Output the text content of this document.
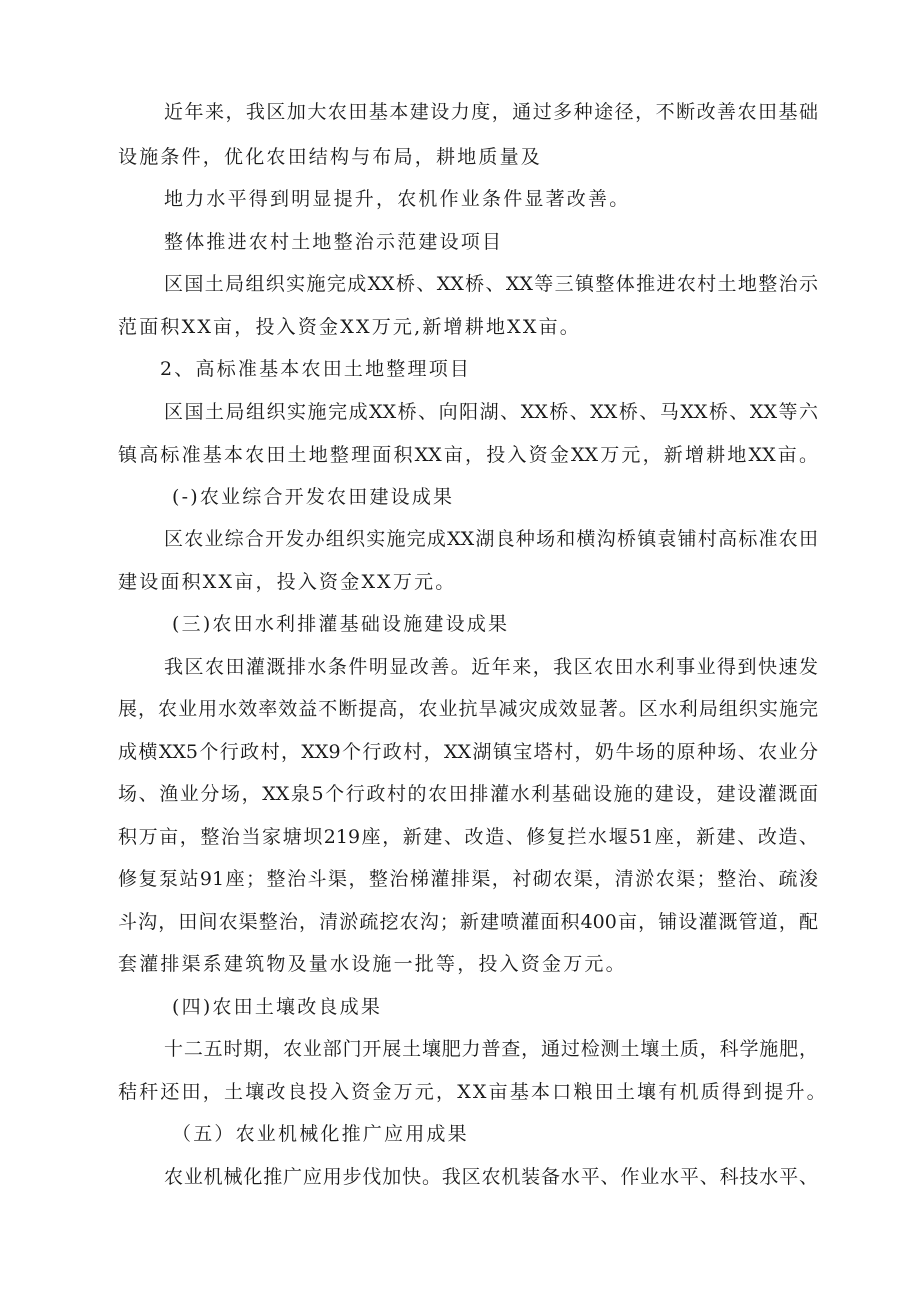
近年来，我区加大农田基本建设力度，通过多种途径，不断改善农田基础
设施条件，优化农田结构与布局，耕地质量及
地力水平得到明显提升，农机作业条件显著改善。
整体推进农村土地整治示范建设项目
区国土局组织实施完成XX桥、XX桥、XX等三镇整体推进农村土地整治示
范面积XX亩，投入资金XX万元,新增耕地XX亩。
2、高标准基本农田土地整理项目
区国土局组织实施完成XX桥、向阳湖、XX桥、XX桥、马XX桥、XX等六
镇高标准基本农田土地整理面积XX亩，投入资金XX万元，新增耕地XX亩。
(-)农业综合开发农田建设成果
区农业综合开发办组织实施完成XX湖良种场和横沟桥镇袁铺村高标准农田
建设面积XX亩，投入资金XX万元。
(三)农田水利排灌基础设施建设成果
我区农田灌溉排水条件明显改善。近年来，我区农田水利事业得到快速发
展，农业用水效率效益不断提高，农业抗旱减灾成效显著。区水利局组织实施完
成横XX5个行政村，XX9个行政村，XX湖镇宝塔村，奶牛场的原种场、农业分
场、渔业分场，XX泉5个行政村的农田排灌水利基础设施的建设，建设灌溉面
积万亩，整治当家塘坝219座，新建、改造、修复拦水堰51座，新建、改造、
修复泵站91座；整治斗渠，整治梯灌排渠，衬砌农渠，清淤农渠；整治、疏浚
斗沟，田间农渠整治，清淤疏挖农沟；新建喷灌面积400亩，铺设灌溉管道，配
套灌排渠系建筑物及量水设施一批等，投入资金万元。
(四)农田土壤改良成果
十二五时期，农业部门开展土壤肥力普查，通过检测土壤土质，科学施肥，
秸秆还田，土壤改良投入资金万元，XX亩基本口粮田土壤有机质得到提升。
（五）农业机械化推广应用成果
农业机械化推广应用步伐加快。我区农机装备水平、作业水平、科技水平、
